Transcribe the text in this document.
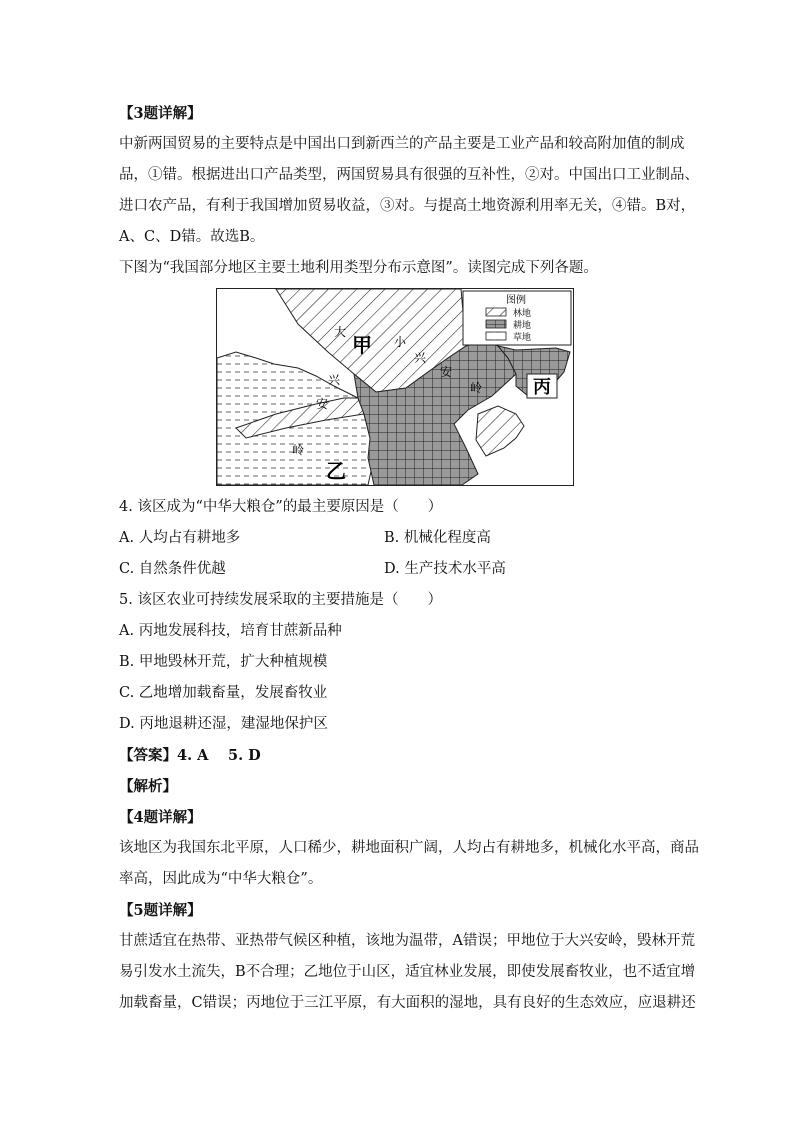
【3题详解】
中新两国贸易的主要特点是中国出口到新西兰的产品主要是工业产品和较高附加值的制成
品，①错。根据进出口产品类型，两国贸易具有很强的互补性，②对。中国出口工业制品、
进口农产品，有利于我国增加贸易收益，③对。与提高土地资源利用率无关，④错。B对，
A、C、D错。故选B。
下图为“我国部分地区主要土地利用类型分布示意图”。读图完成下列各题。
图例
林地
耕地
草地
甲
乙
丙
大
兴
安
岭
小
兴
安
岭
4. 该区成为“中华大粮仓”的最主要原因是（　　）
A. 人均占有耕地多	B. 机械化程度高
C. 自然条件优越	D. 生产技术水平高
5. 该区农业可持续发展采取的主要措施是（　　）
A. 丙地发展科技，培育甘蔗新品种
B. 甲地毁林开荒，扩大种植规模
C. 乙地增加载畜量，发展畜牧业
D. 丙地退耕还湿，建湿地保护区
【答案】4. A　 5. D
【解析】
【4题详解】
该地区为我国东北平原，人口稀少，耕地面积广阔，人均占有耕地多，机械化水平高，商品
率高，因此成为“中华大粮仓”。
【5题详解】
甘蔗适宜在热带、亚热带气候区种植，该地为温带，A错误；甲地位于大兴安岭，毁林开荒
易引发水土流失，B不合理；乙地位于山区，适宜林业发展，即使发展畜牧业，也不适宜增
加载畜量，C错误；丙地位于三江平原，有大面积的湿地，具有良好的生态效应，应退耕还
